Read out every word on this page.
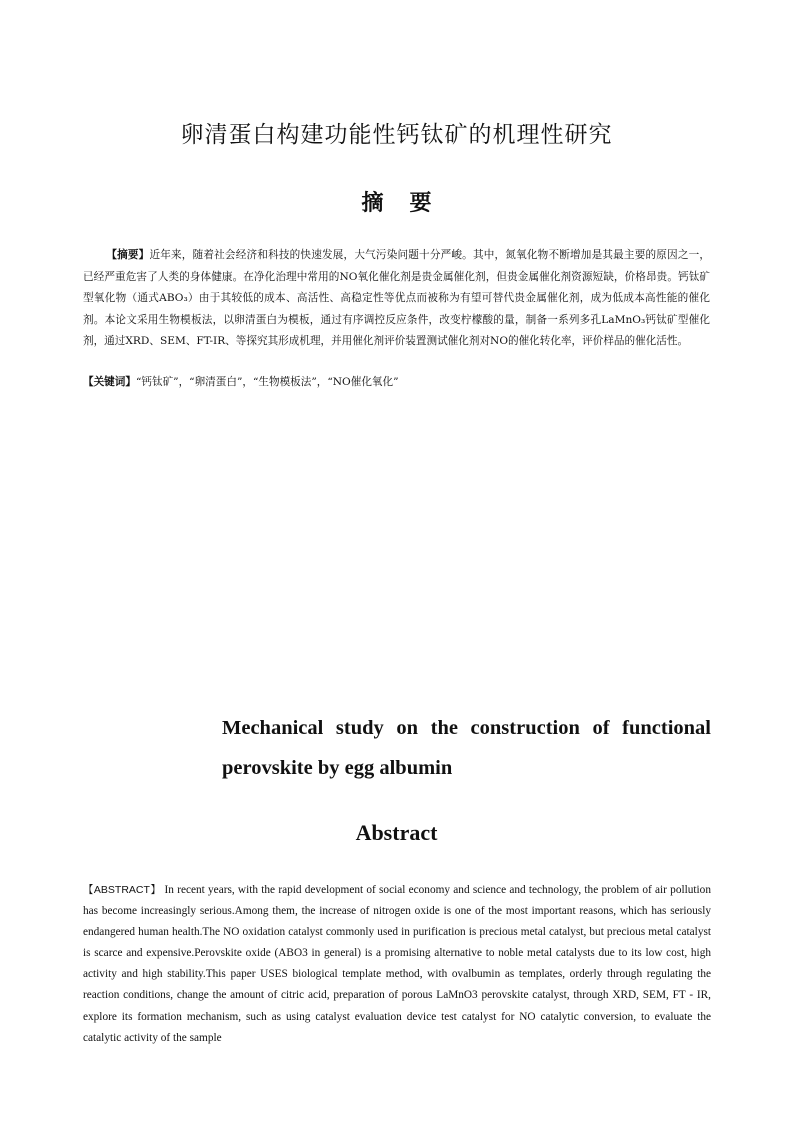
卵清蛋白构建功能性钙钛矿的机理性研究
摘 要

【摘要】近年来，随着社会经济和科技的快速发展，大气污染问题十分严峻。其中，氮氧化物不断增加是其最主要的原因之一，已经严重危害了人类的身体健康。在净化治理中常用的NO氧化催化剂是贵金属催化剂，但贵金属催化剂资源短缺，价格昂贵。钙钛矿型氧化物（通式ABO₃）由于其较低的成本、高活性、高稳定性等优点而被称为有望可替代贵金属催化剂，成为低成本高性能的催化剂。本论文采用生物模板法，以卵清蛋白为模板，通过有序调控反应条件，改变柠檬酸的量，制备一系列多孔LaMnO₃钙钛矿型催化剂，通过XRD、SEM、FT-IR、等探究其形成机理，并用催化剂评价装置测试催化剂对NO的催化转化率，评价样品的催化活性。

【关键词】“钙钛矿”，“卵清蛋白”，“生物模板法”，“NO催化氧化”

Mechanical study on the construction of functional
perovskite by egg albumin
Abstract

【ABSTRACT】 In recent years, with the rapid development of social economy and science and technology, the problem of air pollution has become increasingly serious.Among them, the increase of nitrogen oxide is one of the most important reasons, which has seriously endangered human health.The NO oxidation catalyst commonly used in purification is precious metal catalyst, but precious metal catalyst is scarce and expensive.Perovskite oxide (ABO3 in general) is a promising alternative to noble metal catalysts due to its low cost, high activity and high stability.This paper USES biological template method, with ovalbumin as templates, orderly through regulating the reaction conditions, change the amount of citric acid, preparation of porous LaMnO3 perovskite catalyst, through XRD, SEM, FT - IR, explore its formation mechanism, such as using catalyst evaluation device test catalyst for NO catalytic conversion, to evaluate the catalytic activity of the sample
